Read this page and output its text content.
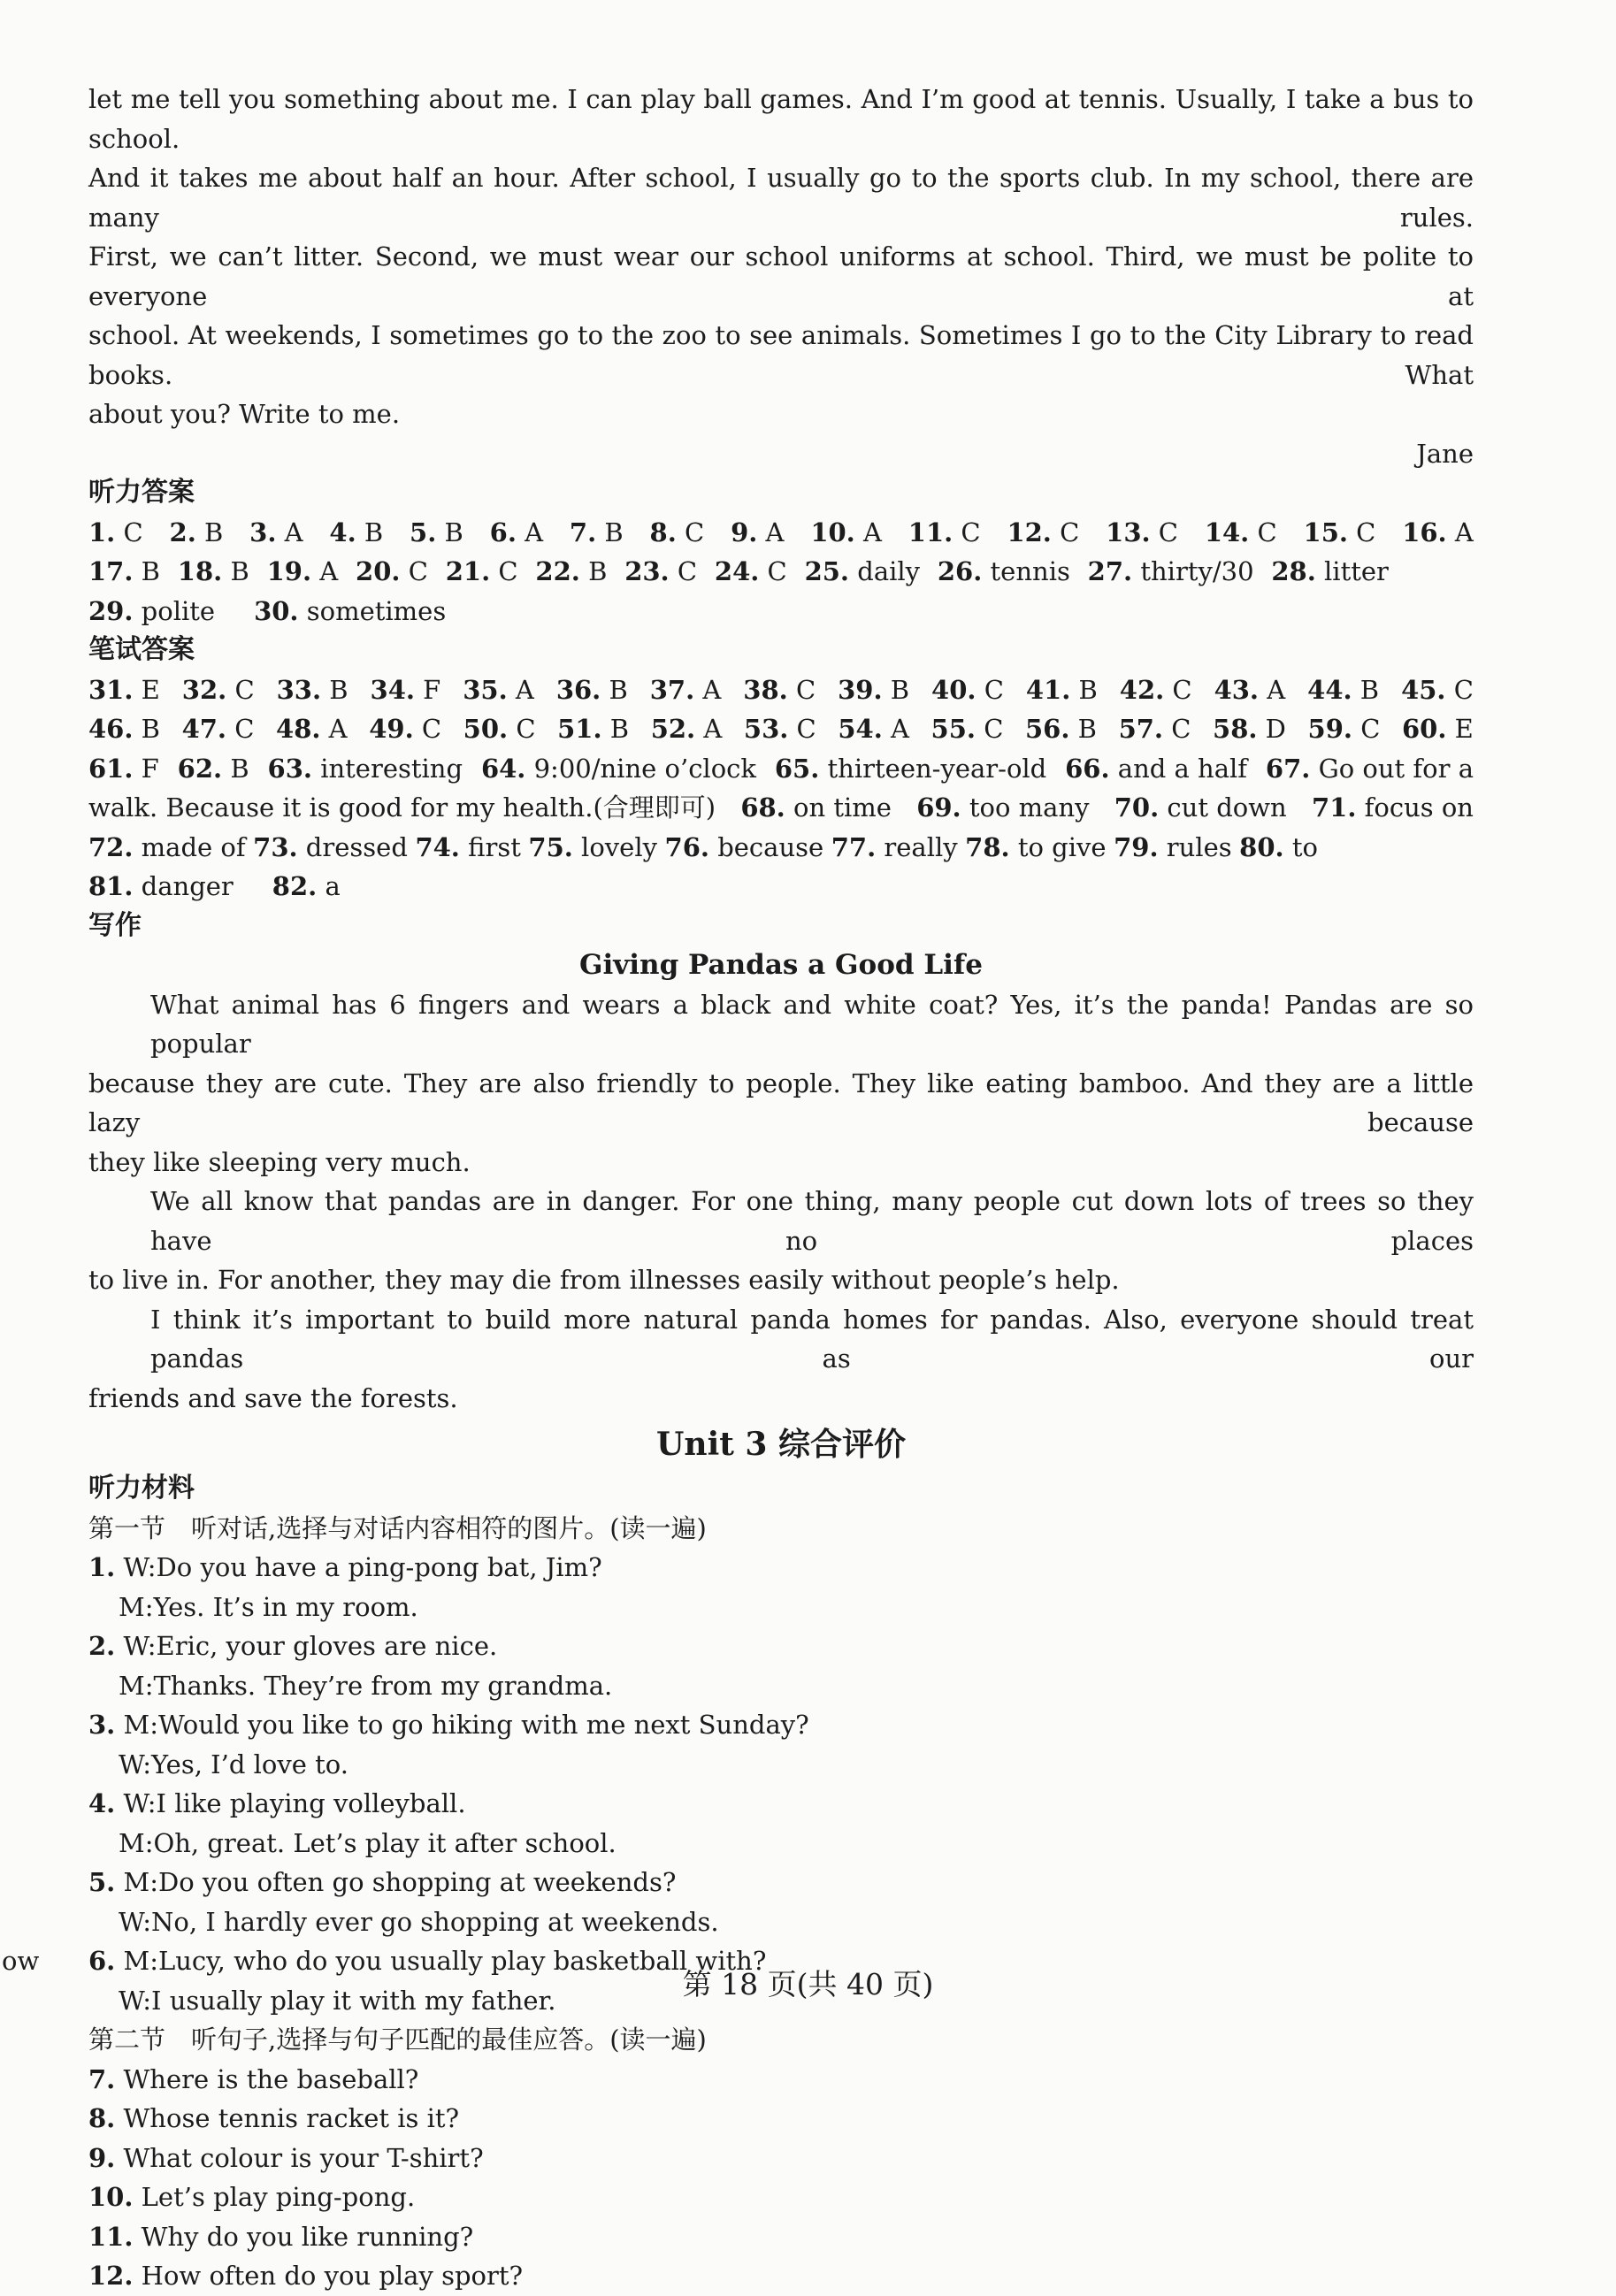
let me tell you something about me. I can play ball games. And I’m good at tennis. Usually, I take a bus to school.
And it takes me about half an hour. After school, I usually go to the sports club. In my school, there are many rules.
First, we can’t litter. Second, we must wear our school uniforms at school. Third, we must be polite to everyone at
school. At weekends, I sometimes go to the zoo to see animals. Sometimes I go to the City Library to read books. What
about you? Write to me.
Jane
听力答案
1. C 2. B 3. A 4. B 5. B 6. A 7. B 8. C 9. A 10. A 11. C 12. C 13. C 14. C 15. C 16. A
17. B 18. B 19. A 20. C 21. C 22. B 23. C 24. C 25. daily 26. tennis 27. thirty/30 28. litter
29. polite 30. sometimes
笔试答案
31. E 32. C 33. B 34. F 35. A 36. B 37. A 38. C 39. B 40. C 41. B 42. C 43. A 44. B 45. C
46. B 47. C 48. A 49. C 50. C 51. B 52. A 53. C 54. A 55. C 56. B 57. C 58. D 59. C 60. E
61. F 62. B 63. interesting 64. 9:00/nine o’clock 65. thirteen-year-old 66. and a half 67. Go out for a
walk. Because it is good for my health.(合理即可) 68. on time 69. too many 70. cut down 71. focus on
72. made of 73. dressed 74. first 75. lovely 76. because 77. really 78. to give 79. rules 80. to
81. danger 82. a
写作
Giving Pandas a Good Life
What animal has 6 fingers and wears a black and white coat? Yes, it’s the panda! Pandas are so popular
because they are cute. They are also friendly to people. They like eating bamboo. And they are a little lazy because
they like sleeping very much.
We all know that pandas are in danger. For one thing, many people cut down lots of trees so they have no places
to live in. For another, they may die from illnesses easily without people’s help.
I think it’s important to build more natural panda homes for pandas. Also, everyone should treat pandas as our
friends and save the forests.
Unit 3 综合评价
听力材料
第一节　听对话,选择与对话内容相符的图片。(读一遍)
1. W:Do you have a ping-pong bat, Jim?
M:Yes. It’s in my room.
2. W:Eric, your gloves are nice.
M:Thanks. They’re from my grandma.
3. M:Would you like to go hiking with me next Sunday?
W:Yes, I’d love to.
4. W:I like playing volleyball.
M:Oh, great. Let’s play it after school.
5. M:Do you often go shopping at weekends?
W:No, I hardly ever go shopping at weekends.
6. M:Lucy, who do you usually play basketball with?
W:I usually play it with my father.
第二节　听句子,选择与句子匹配的最佳应答。(读一遍)
7. Where is the baseball?
8. Whose tennis racket is it?
9. What colour is your T-shirt?
10. Let’s play ping-pong.
11. Why do you like running?
12. How often do you play sport?
ow
第 18 页(共 40 页)
